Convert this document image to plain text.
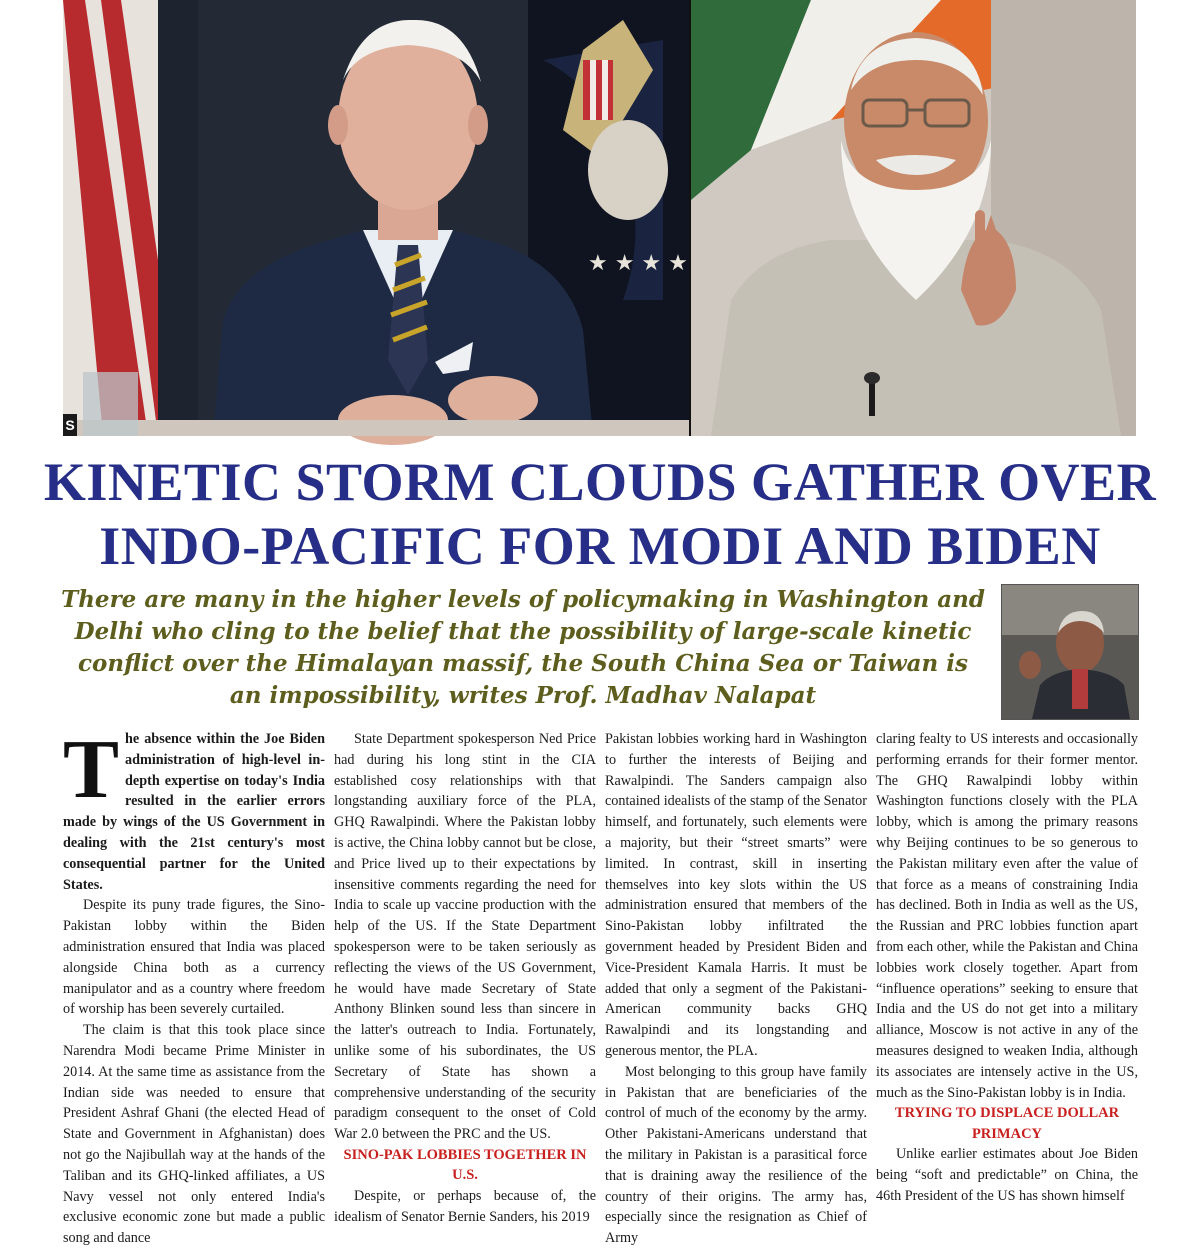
★ ★ ★ ★
S
KINETIC STORM CLOUDS GATHER OVER INDO-PACIFIC FOR MODI AND BIDEN

There are many in the higher levels of policymaking in Washington and Delhi who cling to the belief that the possibility of large-scale kinetic conflict over the Himalayan massif, the South China Sea or Taiwan is an impossibility, writes Prof. Madhav Nalapat

The absence within the Joe Biden administration of high-level in-depth expertise on today's India resulted in the earlier errors made by wings of the US Government in dealing with the 21st century's most consequential partner for the United States.

Despite its puny trade figures, the Sino-Pakistan lobby within the Biden administration ensured that India was placed alongside China both as a currency manipulator and as a country where freedom of worship has been severely curtailed.

The claim is that this took place since Narendra Modi became Prime Minister in 2014. At the same time as assistance from the Indian side was needed to ensure that President Ashraf Ghani (the elected Head of State and Government in Afghanistan) does not go the Najibullah way at the hands of the Taliban and its GHQ-linked affiliates, a US Navy vessel not only entered India's exclusive economic zone but made a public song and dance

State Department spokesperson Ned Price had during his long stint in the CIA established cosy relationships with that longstanding auxiliary force of the PLA, GHQ Rawalpindi. Where the Pakistan lobby is active, the China lobby cannot but be close, and Price lived up to their expectations by insensitive comments regarding the need for India to scale up vaccine production with the help of the US. If the State Department spokesperson were to be taken seriously as reflecting the views of the US Government, he would have made Secretary of State Anthony Blinken sound less than sincere in the latter's outreach to India. Fortunately, unlike some of his subordinates, the US Secretary of State has shown a comprehensive understanding of the security paradigm consequent to the onset of Cold War 2.0 between the PRC and the US.

SINO-PAK LOBBIES TOGETHER IN U.S.

Despite, or perhaps because of, the idealism of Senator Bernie Sanders, his 2019

Pakistan lobbies working hard in Washington to further the interests of Beijing and Rawalpindi. The Sanders campaign also contained idealists of the stamp of the Senator himself, and fortunately, such elements were a majority, but their “street smarts” were limited. In contrast, skill in inserting themselves into key slots within the US administration ensured that members of the Sino-Pakistan lobby infiltrated the government headed by President Biden and Vice-President Kamala Harris. It must be added that only a segment of the Pakistani-American community backs GHQ Rawalpindi and its longstanding and generous mentor, the PLA.

Most belonging to this group have family in Pakistan that are beneficiaries of the control of much of the economy by the army. Other Pakistani-Americans understand that the military in Pakistan is a parasitical force that is draining away the resilience of the country of their origins. The army has, especially since the resignation as Chief of Army

claring fealty to US interests and occasionally performing errands for their former mentor. The GHQ Rawalpindi lobby within Washington functions closely with the PLA lobby, which is among the primary reasons why Beijing continues to be so generous to the Pakistan military even after the value of that force as a means of constraining India has declined. Both in India as well as the US, the Russian and PRC lobbies function apart from each other, while the Pakistan and China lobbies work closely together. Apart from “influence operations” seeking to ensure that India and the US do not get into a military alliance, Moscow is not active in any of the measures designed to weaken India, although its associates are intensely active in the US, much as the Sino-Pakistan lobby is in India.

TRYING TO DISPLACE DOLLAR PRIMACY

Unlike earlier estimates about Joe Biden being “soft and predictable” on China, the 46th President of the US has shown himself
